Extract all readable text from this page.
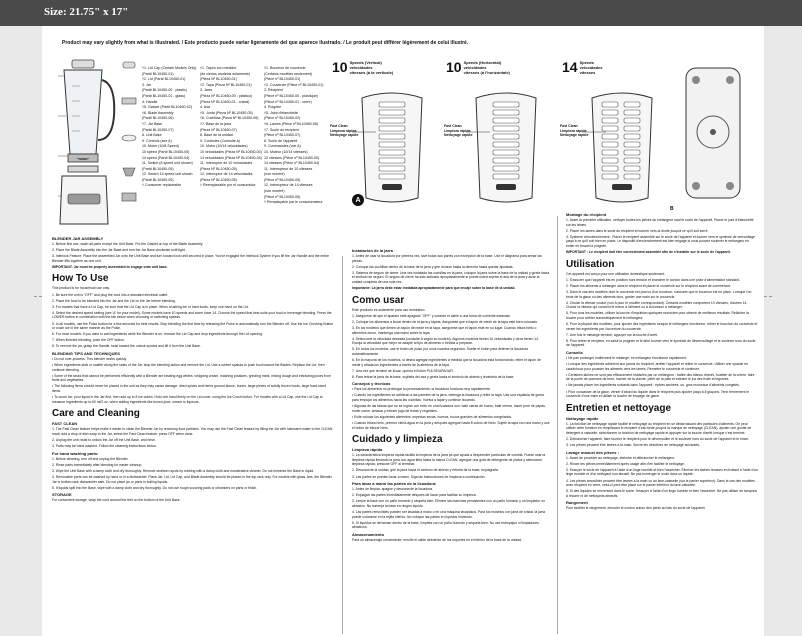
Size: 21.75" x 17"
Product may vary slightly from what is illustrated. / Este producto puede variar ligeramente del que aparece ilustrado. / Le produit peut différer légèrement de celui illustré.
†1. Lid Cap (Certain Models Only)
(Part# BL10450-01)
†2. Lid (Part# BL10450-01)
3. Jar
(Part# BL10450-00 - plastic)
(Part# BL10450-01 - glass)
4. Handle
†5. Gasket (Part# BL10450-02)
†6. Blade Assembly
(Part# BL10450-06)
†7. Jar Base
(Part# BL10450-07)
8. Unit Base
9. Controls (see A)
10. Motor (10/8 Speed)
10 speed (Part# BL10450-00)
14 speed (Part# BL10450-04)
11. Switch (8 speed unit shown)
(Part# BL10450-05)
12. Switch 14 speed unit shown
(Part# BL10450-05)
† Consumer replaceable
†1. Tapón con medidor
(de ciertos modelos solamente)
(Pieza Nº BL10450-01)
†2. Tapa (Pieza Nº BL10450-01)
3. Jarra
(Pieza Nº BL10450-00 - plástico)
(Pieza Nº BL10450-01 - cristal)
4. Asa
†5. Junta (Pieza Nº BL10450-05)
†6. Cuchillas (Pieza Nº BL10450-06)
†7. Base de la jarra
(Pieza Nº BL10450-07)
8. Base de la unidad
9. Controles (Consulte A)
10. Motor (10/14 velocidades)
10 velocidades (Pieza Nº BL10450-00)
14 velocidades (Pieza Nº BL10450-04)
11. Interruptor de 10 velocidades
(Pieza Nº BL10450-05)
12. Interruptor de 14 velocidades
(Pieza Nº BL10450-05)
† Reemplazable por el consumidor
†1. Bouchon de couvercle
(Certains modèles seulement)
(Pièce nº BL10450-01)
†2. Couvercle (Pièce nº BL10450-01)
3. Récipient
(Pièce nº BL10450-00 - plastique)
(Pièce nº BL10450-01 - verre)
4. Poignée
†5. Joint d'étanchéité
(Pièce nº BL10450-02)
†6. Lames (Pièce nº BL10450-06)
†7. Socle du récipient
(Pièce nº BL10450-07)
8. Socle de l'appareil
9. Commandes (voir A)
10. Moteur (10/14 vitesses)
10 vitesses (Pièce nº BL10450-00)
14 vitesses (Pièce nº BL10450-04)
11. Interrupteur de 10 vitesses
(non montré)
(Pièce nº BL10450-05)
12. Interrupteur de 14 vitesses
(non montré)
(Pièce nº BL10450-05)
† Remplaçable par le consommateur
10 Speeds (Vertical)
velocidades
vitesses (à la verticale)
Fast Clean
Limpieza rápida
Nettoyage rapide
A
10 Speeds (Horizontal)
velocidades
vitesses (à l'horizontale)
Fast Clean
Limpieza rápida
Nettoyage rapide
14 Speeds
velocidades
vitesses
Fast Clean
Limpieza rápida
Nettoyage rapide
B
BLENDER JAR ASSEMBLY

1. Before first use, wash all parts except the Unit Base. Put the Gasket on top of the Blade Assembly.

2. Place the Blade Assembly into the Jar Base and turn the Jar Base clockwise until tight.

3. Interlock Feature: Place the assembled Jar onto the Unit Base and turn toward lock until secured in place. You've engaged the Interlock System if you lift the Jar Handle and the entire Blender lifts together as one unit.

IMPORTANT: Jar must be properly assembled to engage onto unit base.

How To Use

This product is for household use only.

1. Be sure the unit is "OFF" and plug the cord into a standard electrical outlet.

2. Place the food to be blended into the Jar and the Lid on the Jar before blending.

3. For models that have a Lid Cap, be sure that the Lid Cap is in place. When crushing ice or hard foods, keep one hand on the Lid.

4. Select the desired speed setting (see 'A' for your model). Some models have 10 speeds and some have 14. Choose the speed that best suits your food or beverage blending. Press the LOWER button in combination with the tab below when choosing or switching speeds.

5. In all models, use the Pulse button for a few seconds for best results. Stop blending the first time by releasing the Pulse to automatically turn the Blender off. Use the Ice Crushing Button or crush ice in the same manner as the Pulse.

6. For most models, if you want to add ingredients while the Blender is on, remove the Lid Cap and drop ingredients through the Lid opening.

7. When finished blending, push the OFF button.

8. To remove the jar, grasp the Handle, twist toward the unlock symbol and lift it from the Unit Base.

BLENDING TIPS AND TECHNIQUES

• Do not over-process. This blender works quickly.

• When ingredients stick or scatter along the sides of the Jar, stop the blending action and remove the Lid. Use a rubber spatula to push food toward the Blades. Replace the Lid, then continue blending.

• Some of the tasks that cannot be performed efficiently with a Blender are beating egg whites, whipping cream, mashing potatoes, grinding meat, mixing dough and extracting juices from fruits and vegetables.

• The following items should never be placed in the unit as they may cause damage: dried spices and herbs ground above, bones, large pieces of solidly frozen foods, large hard-sized items.

• To crush ice: pour liquid in the Jar first, then add up to 8 ice cubes. Hold one hand firmly on the Lid cover, using the Ice Crush button. For models with a Lid Cap, use the Lid Cap to measure ingredients up to 60 ml/2 oz. when adding ingredients like brown juice, cream or liqueurs.

Care and Cleaning
FAST CLEAN

1. The Fast Clean feature helps make it easier to clean the Blender Jar by removing food particles. You may use the Fast Clean feature by filling the Jar with lukewarm water to the CLEAN mark; add a drop of dish soap to the Jar, select the Fast Clean feature; press OFF when done.

2. Unplug the unit; twist to unlock the Jar off the Unit Base, and rinse.

3. Parts may be hand washed. Follow the cleaning instructions below.

For hand washing parts:

1. Before cleaning, turn off and unplug the Blender.

2. Rinse parts immediately after blending for easier cleanup.

3. Wipe the Unit Base with a damp cloth and dry thoroughly. Remove stubborn spots by rubbing with a damp cloth and nonabrasive cleaner. Do not immerse the Base in liquid.

4. Removable parts can be washed by hand or in a dishwasher. Place Jar, Lid, Lid Cap, and Blade Assembly should be placed in the top rack only. For models with glass Jars, the Blender Jar is bottom rack dishwasher safe. Do not place jar or parts in boiling liquids.

5. If liquids spill into the Base, wipe with a damp cloth and dry thoroughly. Do not use rough scouring pads or cleansers on parts or finish.

STORAGE

For convenient storage, wrap the cord around the feet on the bottom of the Unit Base.

Instalación de la jarra

1. Antes de usar la licuadora por primera vez, lave todas sus partes con excepción de la base. Use el diagrama para armar las piezas.

2. Coloque las cuchillas dentro de la base de la jarra y gire la base hasta la derecha hasta quedar ajustada.

3. Sistema de seguro de cierre: Una vez instalada las cuchillas en la jarra, coloque la jarra sobre la base de la unidad y gírela hacia el símbolo de seguro. El seguro de cierre ha sido activado apropiadamente si puede usted sujetar el asa de la jarra y alzar la unidad completa de una sola vez.

Importante: La jarra debe estar instalada apropiadamente para que encaje sobre la base de la unidad.

Como usar

Este producto es solamente para uso doméstico.

1. Asegúrese de que el aparato esté apagado "OFF" y conecte el cable a una toma de corriente estándar.

2. Coloque los alimentos a licuar dentro de la jarra y tápela. Asegúrese que el tapón de medir de la tapa esté bien colocado.

3. En los modelos que tienen un tapón de medir en la tapa, asegúrese que el tapón esté en su lugar. Cuando tritura hielo o alimentos duros, mantenga una mano sobre la tapa.

4. Seleccione la velocidad deseada (consulte A según su modelo). Algunos modelos tienen 10 velocidades y otros tienen 14. Escoja la velocidad que mejor se adapte al tipo de alimento o bebida a preparar.

5. En todos los modelos, use el botón de pulso por unos cuantos segundos. Suelte el botón para detener la licuadora automáticamente.

6. En la mayoría de los modelos, si desea agregar ingredientes a medida que la licuadora está funcionando, retire el tapón de medir y añada los ingredientes a través de la abertura de la tapa.

7. Una vez que termine de licuar, oprima el botón PULSE/APAGAR.

8. Para retirar la jarra de la base, sujétela del asa y gírela hacia el símbolo de abierto y levántela de la base.

Consejos y técnicas

• Para los alimentos no prolongar su procesamiento; la licuadora funciona muy rápidamente.

• Cuando los ingredientes se adhieran a las paredes de la jarra, detenga la licuadora y retire la tapa. Use una espátula de goma para empujar los alimentos hacia las cuchillas. Vuelva a tapar y continúe licuando.

• Algunas de las tareas que no se logran con éxito en una licuadora son: batir claras de huevo, batir crema, hacer puré de papas, moler carne, amasar y extraer jugo de frutas y vegetales.

• Evite colocar los siguientes alimentos: especias secas, huesos, trozos grandes de alimentos congelados.

• Cuando tritura hielo, primero vierta agua en la jarra y después agregue hasta 8 cubos de hielo. Sujete la tapa con una mano y use el botón de triturar hielo.

Cuidado y limpieza
Limpieza rápida

1. La característica limpieza rápida facilita la limpieza de la jarra ya que ayuda a desprender partículas de comida. Puede usar la limpieza rápida llenando la jarra con agua tibia hasta la marca CLEAN, agregue una gota de detergente de platos y seleccione limpieza rápida; presione OFF al terminar.

2. Desconecte la unidad, gire la jarra hacia el símbolo de abierto y retírela de la base, enjuáguela.

3. Las partes se pueden lavar a mano. Siga las instrucciones de limpieza a continuación.

Para lavar a mano las partes de la licuadora:

1. Antes de limpiar, apague y desconecte la licuadora.

2. Enjuague las partes inmediatamente después de licuar para facilitar su limpieza.

3. Limpie la base con un paño húmedo y séquela bien. Elimine las manchas persistentes con un paño húmedo y un limpiador no abrasivo. No sumerja la base en ningún líquido.

4. Las partes removibles pueden ser lavadas a mano o en una máquina lavaplatos. Para los modelos con jarra de cristal, la jarra puede colocarse en la rejilla inferior. No coloque las partes en líquidos hirviendo.

5. Si líquidos se derraman dentro de la base, límpiela con un paño húmedo y séquela bien. No use estropajos ni limpiadores abrasivos.

Almacenamiento

Para un almacenaje conveniente, enrolle el cable alrededor de los soportes en el inferior de la base de la unidad.

Montage du récipient

1. Avant la première utilisation, nettoyer toutes les pièces du mélangeur sauf le socle de l'appareil. Placer le joint d'étanchéité sur les lames.

2. Placer les lames dans le socle du récipient et tourner vers la droite jusqu'à ce qu'il soit serré.

3. Système d'enclenchement : Placer le récipient assemblé sur le socle de l'appareil et tourner vers le symbole de verrouillage jusqu'à ce qu'il soit bien en place. Le dispositif d'enclenchement est bien engagé si vous pouvez soulever le mélangeur en entier en tenant la poignée.

IMPORTANT : Le récipient doit être correctement assemblé afin de s'installer sur le socle de l'appareil.

Utilisation

Cet appareil est conçu pour une utilisation domestique seulement.

1. S'assurer que l'appareil est en position hors tension et brancher le cordon dans une prise d'alimentation standard.

2. Placer les aliments à mélanger dans le récipient et placer le couvercle sur le récipient avant de commencer.

3. Dans le cas des modèles dont le couvercle est pourvu d'un bouchon, s'assurer que le bouchon est en place. Lorsque l'on broie de la glace ou des aliments durs, garder une main sur le couvercle.

4. Choisir la vitesse voulue (voir A pour le modèle correspondant). Certains modèles comportent 10 vitesses, d'autres 14. Choisir la vitesse qui convient le mieux à l'aliment ou à la boisson à mélanger.

5. Pour tous les modèles, utiliser la touche d'impulsion quelques secondes pour obtenir de meilleurs résultats. Relâcher la touche pour arrêter automatiquement le mélangeur.

6. Pour la plupart des modèles, pour ajouter des ingrédients lorsque le mélangeur fonctionne, retirer le bouchon du couvercle et verser les ingrédients par l'ouverture du couvercle.

7. Une fois le mélange terminé, appuyer sur la touche d'arrêt.

8. Pour retirer le récipient, en saisir la poignée et le faire tourner vers le symbole de déverrouillage et le soulever hors du socle de l'appareil.

Conseils

• Ne pas prolonger inutilement le mélange; ce mélangeur fonctionne rapidement.

• Lorsque des ingrédients adhèrent aux parois du récipient, arrêter l'appareil et retirer le couvercle. Utiliser une spatule en caoutchouc pour pousser les aliments vers les lames. Remettre le couvercle et continuer.

• Certaines tâches ne sont pas efficacement réalisées par un mélangeur : battre des blancs d'œufs, fouetter de la crème, faire de la purée de pommes de terre, hacher de la viande, pétrir de la pâte et extraire le jus des fruits et légumes.

• Ne jamais placer les ingrédients suivants dans l'appareil : épices séchées, os, gros morceaux d'aliments congelés.

• Pour concasser de la glace, verser d'abord du liquide dans le récipient puis ajouter jusqu'à 8 glaçons. Tenir fermement le couvercle d'une main et utiliser la touche de broyage de glace.

Entretien et nettoyage
Nettoyage rapide

1. La fonction de nettoyage rapide facilite le nettoyage du récipient en se débarrassant des particules d'aliments. On peut utiliser cette fonction en remplissant le récipient d'eau tiède jusqu'à la marque de nettoyage (CLEAN), ajouter une goutte de détergent à vaisselle, sélectionner la fonction de nettoyage rapide et appuyer sur la touche d'arrêt lorsque c'est terminé.

2. Débrancher l'appareil, faire tourner le récipient pour le déverrouiller et le soulever hors du socle de l'appareil et le rincer.

3. Les pièces peuvent être lavées à la main. Suivre les directives de nettoyage suivantes.

Lavage manuel des pièces :

1. Avant de procéder au nettoyage, éteindre et débrancher le mélangeur.

2. Rincer les pièces immédiatement après usage afin d'en faciliter le nettoyage.

3. Essuyer le socle de l'appareil à l'aide d'un linge humide et bien l'assécher. Éliminer les taches tenaces en frottant à l'aide d'un linge humide et d'un nettoyant non abrasif. Ne pas immerger le socle dans un liquide.

4. Les pièces amovibles peuvent être lavées à la main ou au lave-vaisselle (sur le panier supérieur). Dans le cas des modèles avec récipient en verre, celui-ci peut être placé sur le panier inférieur du lave-vaisselle.

5. Si des liquides se renversent dans le socle, l'essuyer à l'aide d'un linge humide et bien l'assécher. Ne pas utiliser de tampons à récurer ni de nettoyants abrasifs.

Rangement

Pour faciliter le rangement, enrouler le cordon autour des pieds au bas du socle de l'appareil.
